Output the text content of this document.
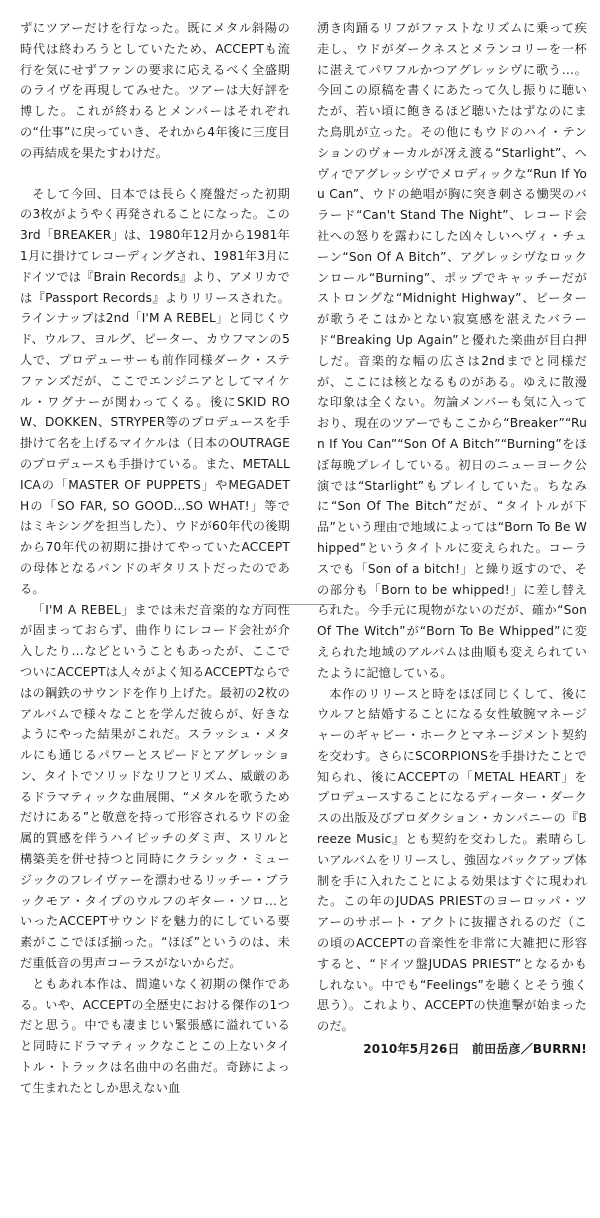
ずにツアーだけを行なった。既にメタル斜陽の時代は終わろうとしていたため、ACCEPTも流行を気にせずファンの要求に応えるべく全盛期のライヴを再現してみせた。ツアーは大好評を博した。これが終わるとメンバーはそれぞれの“仕事”に戻っていき、それから4年後に三度目の再結成を果たすわけだ。

そして今回、日本では長らく廃盤だった初期の3枚がようやく再発されることになった。この3rd「BREAKER」は、1980年12月から1981年1月に掛けてレコーディングされ、1981年3月にドイツでは『Brain Records』より、アメリカでは『Passport Records』よりリリースされた。ラインナップは2nd「I'M A REBEL」と同じくウド、ウルフ、ヨルグ、ピーター、カウフマンの5人で、プロデューサーも前作同様ダーク・ステファンズだが、ここでエンジニアとしてマイケル・ワグナーが関わってくる。後にSKID ROW、DOKKEN、STRYPER等のプロデュースを手掛けて名を上げるマイケルは（日本のOUTRAGEのプロデュースも手掛けている。また、METALLICAの「MASTER OF PUPPETS」やMEGADETHの「SO FAR, SO GOOD...SO WHAT!」等ではミキシングを担当した）、ウドが60年代の後期から70年代の初期に掛けてやっていたACCEPTの母体となるバンドのギタリストだったのである。

「I'M A REBEL」までは未だ音楽的な方向性が固まっておらず、曲作りにレコード会社が介入したり…などということもあったが、ここでついにACCEPTは人々がよく知るACCEPTならではの鋼鉄のサウンドを作り上げた。最初の2枚のアルバムで様々なことを学んだ彼らが、好きなようにやった結果がこれだ。スラッシュ・メタルにも通じるパワーとスピードとアグレッション、タイトでソリッドなリフとリズム、威厳のあるドラマティックな曲展開、“メタルを歌うためだけにある”と敬意を持って形容されるウドの金属的質感を伴うハイピッチのダミ声、スリルと構築美を併せ持つと同時にクラシック・ミュージックのフレイヴァーを漂わせるリッチー・ブラックモア・タイプのウルフのギター・ソロ…といったACCEPTサウンドを魅力的にしている要素がここでほぼ揃った。“ほぼ”というのは、未だ重低音の男声コーラスがないからだ。

ともあれ本作は、間違いなく初期の傑作である。いや、ACCEPTの全歴史における傑作の1つだと思う。中でも凄まじい緊張感に溢れていると同時にドラマティックなことこの上ないタイトル・トラックは名曲中の名曲だ。奇跡によって生まれたとしか思えない血

湧き肉踊るリフがファストなリズムに乗って疾走し、ウドがダークネスとメランコリーを一杯に湛えてパワフルかつアグレッシヴに歌う…。今回この原稿を書くにあたって久し振りに聴いたが、若い頃に飽きるほど聴いたはずなのにまた鳥肌が立った。その他にもウドのハイ・テンションのヴォーカルが冴え渡る“Starlight”、ヘヴィでアグレッシヴでメロディックな“Run If You Can”、ウドの絶唱が胸に突き刺さる慟哭のバラード“Can't Stand The Night”、レコード会社への怒りを露わにした凶々しいヘヴィ・チューン“Son Of A Bitch”、アグレッシヴなロックンロール“Burning”、ポップでキャッチーだがストロングな“Midnight Highway”、ピーターが歌うそこはかとない寂寞感を湛えたバラード“Breaking Up Again”と優れた楽曲が目白押しだ。音楽的な幅の広さは2ndまでと同様だが、ここには核となるものがある。ゆえに散漫な印象は全くない。勿論メンバーも気に入っており、現在のツアーでもここから“Breaker”“Run If You Can”“Son Of A Bitch”“Burning”をほぼ毎晩プレイしている。初日のニューヨーク公演では“Starlight”もプレイしていた。ちなみに“Son Of The Bitch”だが、“タイトルが下品”という理由で地域によっては“Born To Be Whipped”というタイトルに変えられた。コーラスでも「Son of a bitch!」と繰り返すので、その部分も「Born to be whipped!」に差し替えられた。今手元に現物がないのだが、確か“Son Of The Witch”が“Born To Be Whipped”に変えられた地域のアルバムは曲順も変えられていたように記憶している。

本作のリリースと時をほぼ同じくして、後にウルフと結婚することになる女性敏腕マネージャーのギャビー・ホークとマネージメント契約を交わす。さらにSCORPIONSを手掛けたことで知られ、後にACCEPTの「METAL HEART」をプロデュースすることになるディーター・ダークスの出版及びプロダクション・カンパニーの『Breeze Music』とも契約を交わした。素晴らしいアルバムをリリースし、強固なバックアップ体制を手に入れたことによる効果はすぐに現われた。この年のJUDAS PRIESTのヨーロッパ・ツアーのサポート・アクトに抜擢されるのだ（この頃のACCEPTの音楽性を非常に大雑把に形容すると、“ドイツ盤JUDAS PRIEST”となるかもしれない。中でも“Feelings”を聴くとそう強く思う）。これより、ACCEPTの快進撃が始まったのだ。

2010年5月26日　前田岳彦／BURRN!
